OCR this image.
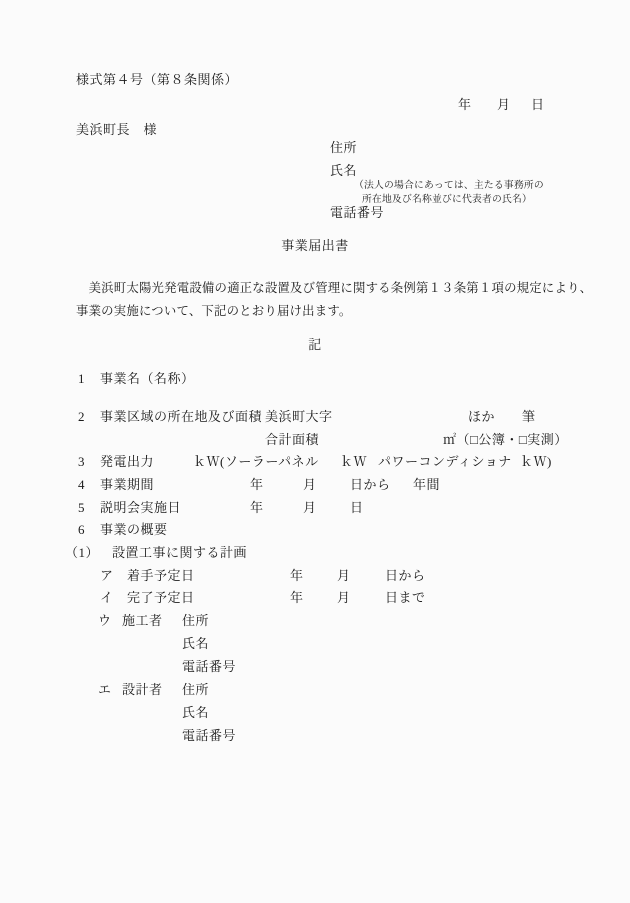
様式第４号（第８条関係）
年 月 日
美浜町長　様
住所
氏名
（法人の場合にあっては、主たる事務所の
所在地及び名称並びに代表者の氏名）
電話番号
事業届出書
　美浜町太陽光発電設備の適正な設置及び管理に関する条例第１３条第１項の規定により、
事業の実施について、下記のとおり届け出ます。
記
1 事業名（名称）
2 事業区域の所在地及び面積 美浜町大字	ほか 筆
合計面積	㎡（□公簿・□実測）
3 発電出力	ｋＷ(ソーラーパネル ｋＷ パワーコンディショナ ｋＷ)
4 事業期間	年	月	日から 年間
5 説明会実施日	年	月	日
6 事業の概要
（1） 設置工事に関する計画
ア 着手予定日	年	月	日から
イ 完了予定日	年	月	日まで
ウ 施工者 住所
氏名
電話番号
エ 設計者 住所
氏名
電話番号
